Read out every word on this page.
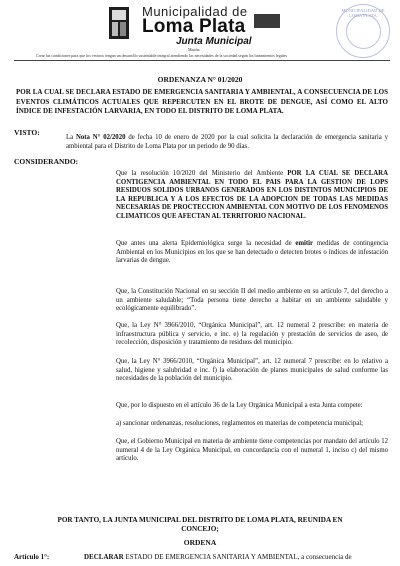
Municipalidad de
Loma Plata
Junta Municipal
Misión:
Crear las condiciones para que los vecinos tengan un desarrollo sustentable integral atendiendo las necesidades de la sociedad según los lineamientos legales
MUNICIPALIDAD DE LOMA PLATA
ORDENANZA N° 01/2020

POR LA CUAL SE DECLARA ESTADO DE EMERGENCIA SANITARIA Y AMBIENTAL, A CONSECUENCIA DE LOS EVENTOS CLIMÁTICOS ACTUALES QUE REPERCUTEN EN EL BROTE DE DENGUE, ASÍ COMO EL ALTO ÍNDICE DE INFESTACIÓN LARVARIA, EN TODO EL DISTRITO DE LOMA PLATA.

VISTO:
La Nota N° 02/2020 de fecha 10 de enero de 2020 por la cual solicita la declaración de emergencia sanitaria y ambiental para el Distrito de Loma Plata por un periodo de 90 días.
CONSIDERANDO:
Que la resolución 10/2020 del Ministerio del Ambiente POR LA CUAL SE DECLARA CONTIGENCIA AMBIENTAL EN TODO EL PAIS PARA LA GESTION DE LOPS RESIDUOS SOLIDOS URBANOS GENERADOS EN LOS DISTINTOS MUNICIPIOS DE LA REPUBLICA Y A LOS EFECTOS DE LA ADOPCION DE TODAS LAS MEDIDAS NECESARIAS DE PROCTECCION AMBIENTAL CON MOTIVO DE LOS FENOMENOS CLIMATICOS QUE AFECTAN AL TERRITORIO NACIONAL.
Que antes una alerta Epidemiológica surge la necesidad de emitir medidas de contingencia Ambiental en los Municipios en los que se han detectado o detecten brotes o índices de infestación larvarias de dengue.
Que, la Constitución Nacional en su sección II del medio ambiente en su artículo 7, del derecho a un ambiente saludable; “Toda persona tiene derecho a habitar en un ambiente saludable y ecológicamente equilibrado”.
Que, la Ley N° 3966/2010, “Orgánica Municipal”, art. 12 numeral 2 prescribe: en materia de infraestructura pública y servicio, e inc. e) la regulación y prestación de servicios de aseo, de recolección, disposición y tratamiento de residuos del municipio.
Que, la Ley N° 3966/2010, “Orgánica Municipal”, art. 12 numeral 7 prescribe: en lo relativo a salud, higiene y salubridad e inc. f) la elaboración de planes municipales de salud conforme las necesidades de la población del municipio.
Que, por lo dispuesto en el artículo 36 de la Ley Orgánica Municipal a esta Junta compete:
a) sancionar ordenanzas, resoluciones, reglamentos en materias de competencia municipal;
Que, el Gobierno Municipal en materia de ambiente tiene competencias por mandato del artículo 12 numeral 4 de la Ley Orgánica Municipal, en concordancia con el numeral 1, inciso c) del mismo artículo.
POR TANTO, LA JUNTA MUNICIPAL DEL DISTRITO DE LOMA PLATA, REUNIDA EN CONCEJO;
ORDENA
Artículo 1°:	DECLARAR ESTADO DE EMERGENCIA SANITARIA Y AMBIENTAL, a consecuencia de
